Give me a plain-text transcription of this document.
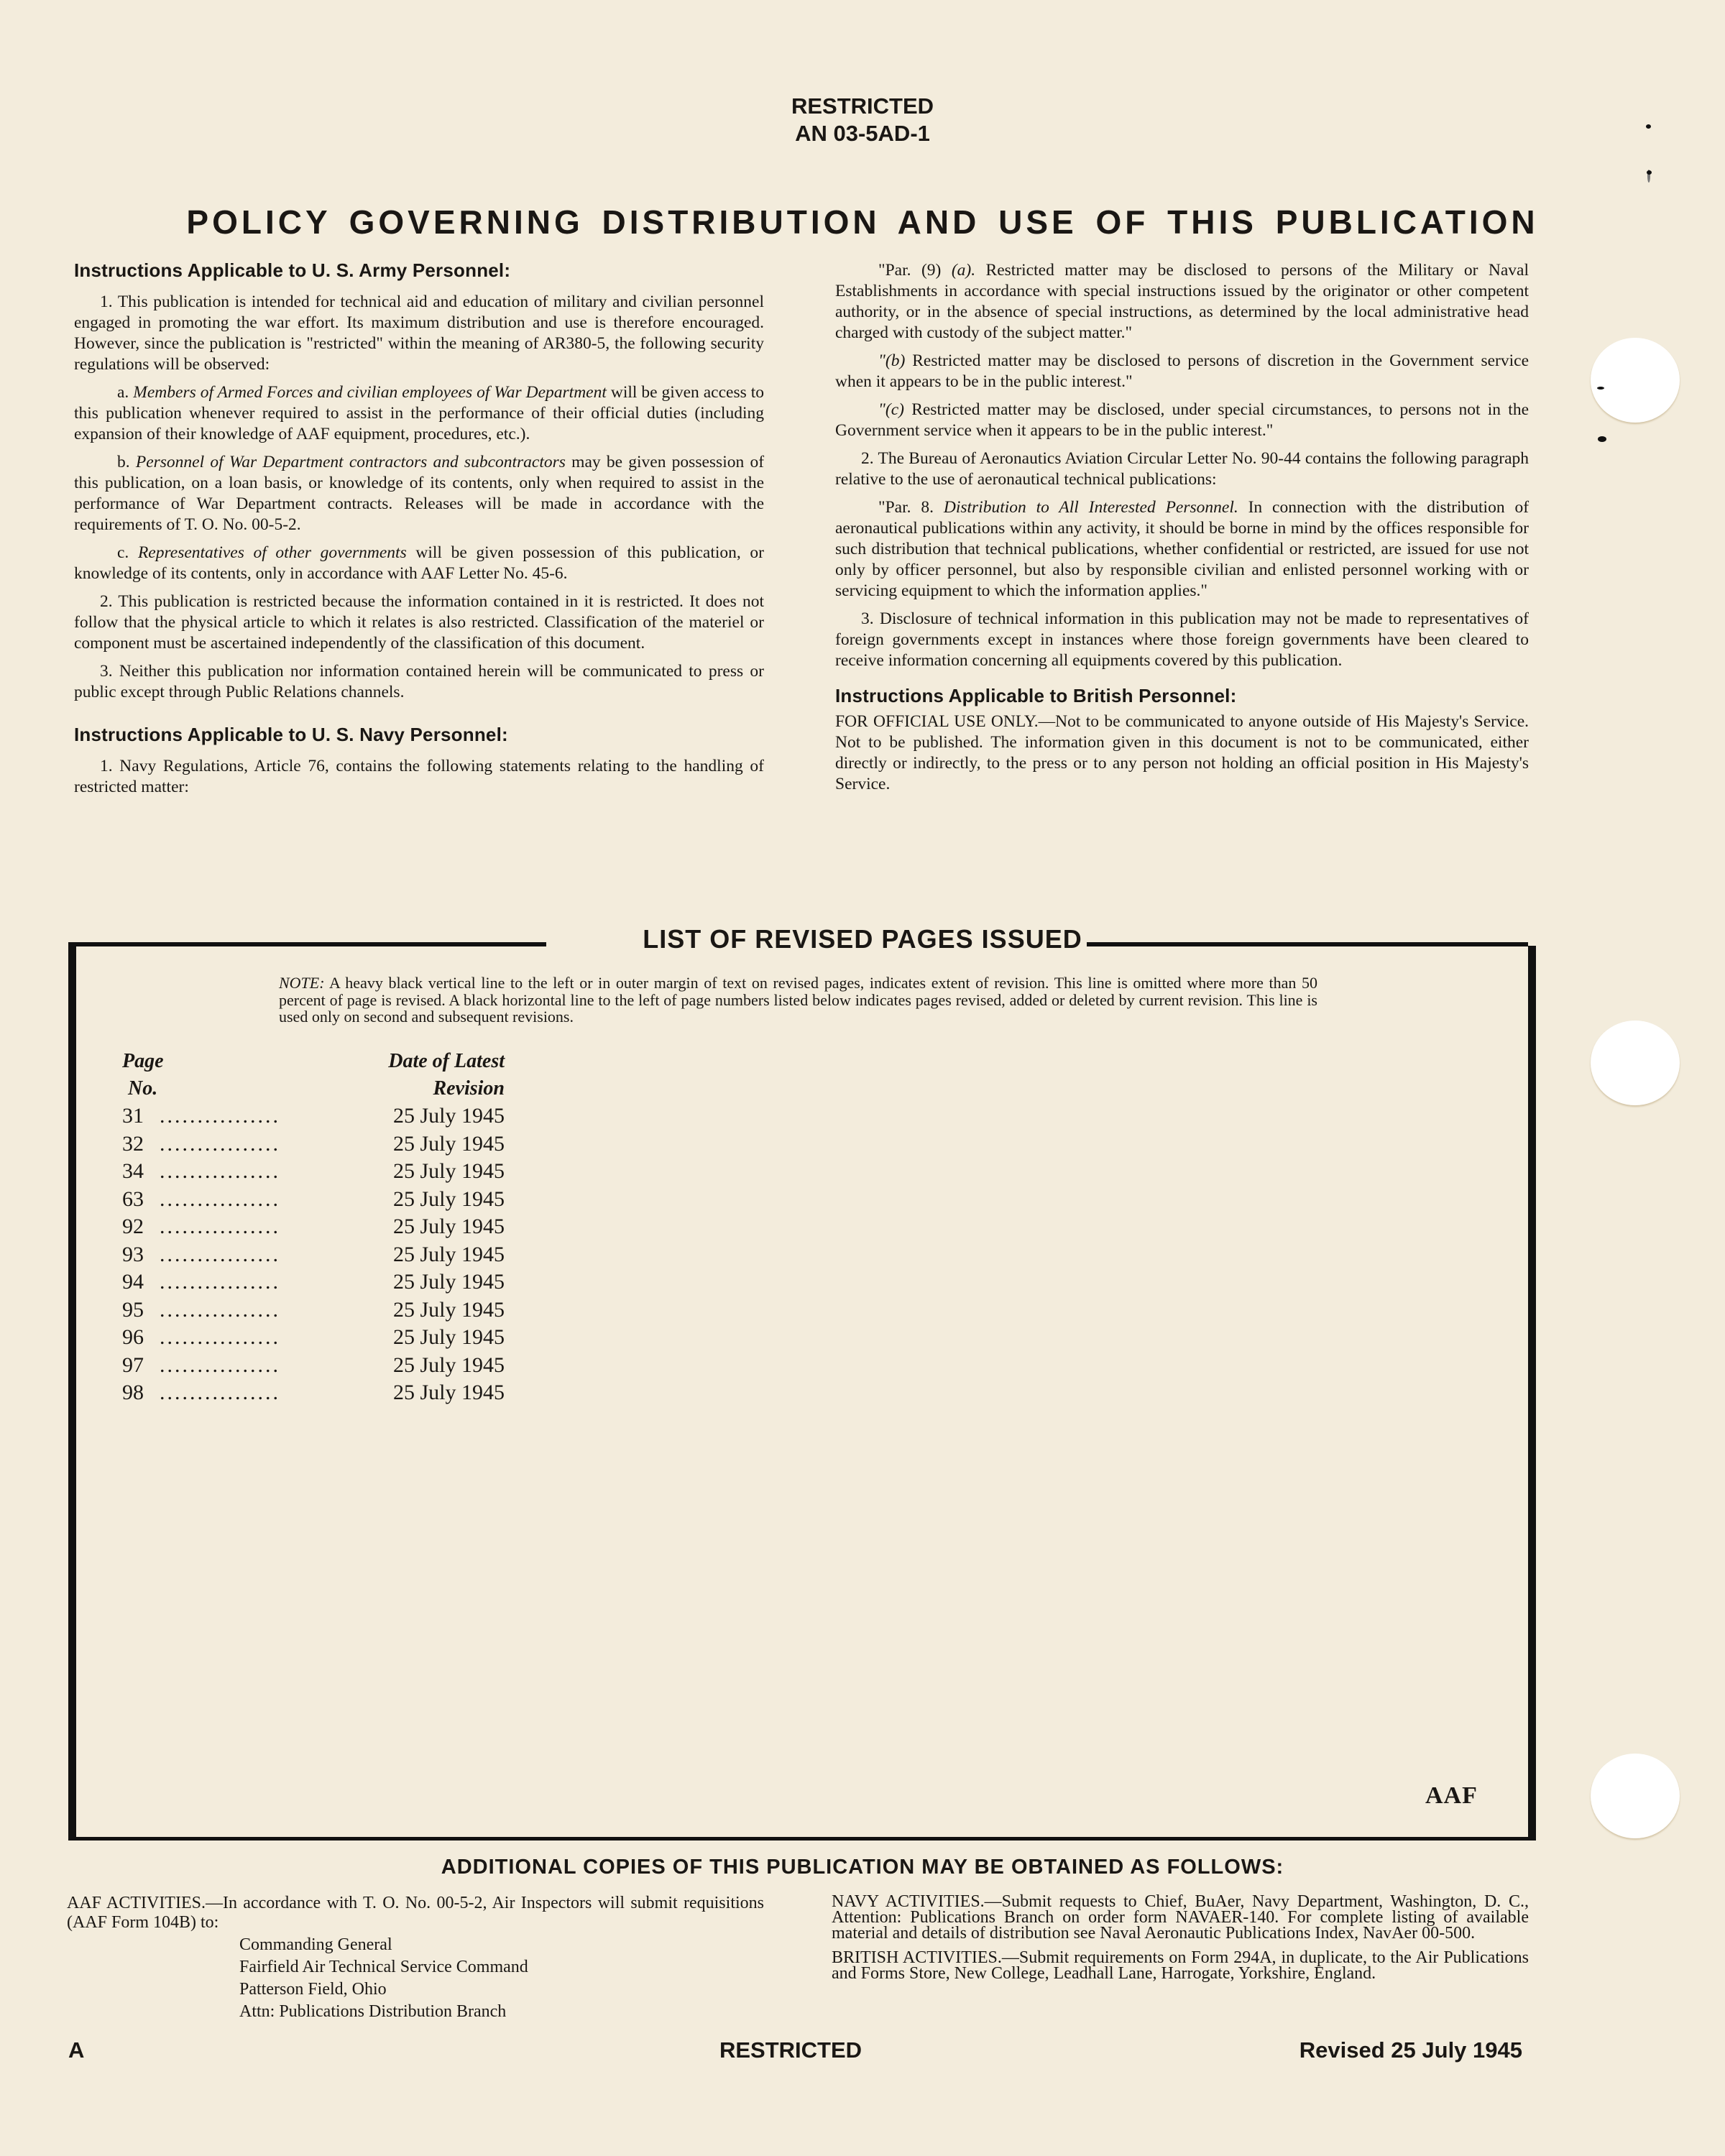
RESTRICTED
AN 03-5AD-1
POLICY GOVERNING DISTRIBUTION AND USE OF THIS PUBLICATION
Instructions Applicable to U. S. Army Personnel:

1. This publication is intended for technical aid and education of military and civilian personnel engaged in promoting the war effort. Its maximum distribution and use is therefore encouraged. However, since the publication is "restricted" within the meaning of AR380-5, the following security regulations will be observed:

a. Members of Armed Forces and civilian employees of War Department will be given access to this publication whenever required to assist in the performance of their official duties (including expansion of their knowledge of AAF equipment, procedures, etc.).

b. Personnel of War Department contractors and subcontractors may be given possession of this publication, on a loan basis, or knowledge of its contents, only when required to assist in the performance of War Department contracts. Releases will be made in accordance with the requirements of T. O. No. 00-5-2.

c. Representatives of other governments will be given possession of this publication, or knowledge of its contents, only in accordance with AAF Letter No. 45-6.

2. This publication is restricted because the information contained in it is restricted. It does not follow that the physical article to which it relates is also restricted. Classification of the materiel or component must be ascertained independently of the classification of this document.

3. Neither this publication nor information contained herein will be communicated to press or public except through Public Relations channels.

Instructions Applicable to U. S. Navy Personnel:

1. Navy Regulations, Article 76, contains the following statements relating to the handling of restricted matter:

"Par. (9) (a). Restricted matter may be disclosed to persons of the Military or Naval Establishments in accordance with special instructions issued by the originator or other competent authority, or in the absence of special instructions, as determined by the local administrative head charged with custody of the subject matter."

"(b) Restricted matter may be disclosed to persons of discretion in the Government service when it appears to be in the public interest."

"(c) Restricted matter may be disclosed, under special circumstances, to persons not in the Government service when it appears to be in the public interest."

2. The Bureau of Aeronautics Aviation Circular Letter No. 90-44 contains the following paragraph relative to the use of aeronautical technical publications:

"Par. 8. Distribution to All Interested Personnel. In connection with the distribution of aeronautical publications within any activity, it should be borne in mind by the offices responsible for such distribution that technical publications, whether confidential or restricted, are issued for use not only by officer personnel, but also by responsible civilian and enlisted personnel working with or servicing equipment to which the information applies."

3. Disclosure of technical information in this publication may not be made to representatives of foreign governments except in instances where those foreign governments have been cleared to receive information concerning all equipments covered by this publication.

Instructions Applicable to British Personnel:

FOR OFFICIAL USE ONLY.—Not to be communicated to anyone outside of His Majesty's Service. Not to be published. The information given in this document is not to be communicated, either directly or indirectly, to the press or to any person not holding an official position in His Majesty's Service.

LIST OF REVISED PAGES ISSUED
NOTE: A heavy black vertical line to the left or in outer margin of text on revised pages, indicates extent of revision. This line is omitted where more than 50 percent of page is revised. A black horizontal line to the left of page numbers listed below indicates pages revised, added or deleted by current revision. This line is used only on second and subsequent revisions.
Page
No.
Date of Latest
Revision
31 ................	25 July 1945
32 ................	25 July 1945
34 ................	25 July 1945
63 ................	25 July 1945
92 ................	25 July 1945
93 ................	25 July 1945
94 ................	25 July 1945
95 ................	25 July 1945
96 ................	25 July 1945
97 ................	25 July 1945
98 ................	25 July 1945
AAF
ADDITIONAL COPIES OF THIS PUBLICATION MAY BE OBTAINED AS FOLLOWS:

AAF ACTIVITIES.—In accordance with T. O. No. 00-5-2, Air Inspectors will submit requisitions (AAF Form 104B) to:

Commanding General
Fairfield Air Technical Service Command
Patterson Field, Ohio
Attn: Publications Distribution Branch

NAVY ACTIVITIES.—Submit requests to Chief, BuAer, Navy Department, Washington, D. C., Attention: Publications Branch on order form NAVAER-140. For complete listing of available material and details of distribution see Naval Aeronautic Publications Index, NavAer 00-500.

BRITISH ACTIVITIES.—Submit requirements on Form 294A, in duplicate, to the Air Publications and Forms Store, New College, Leadhall Lane, Harrogate, Yorkshire, England.

A	RESTRICTED	Revised 25 July 1945
